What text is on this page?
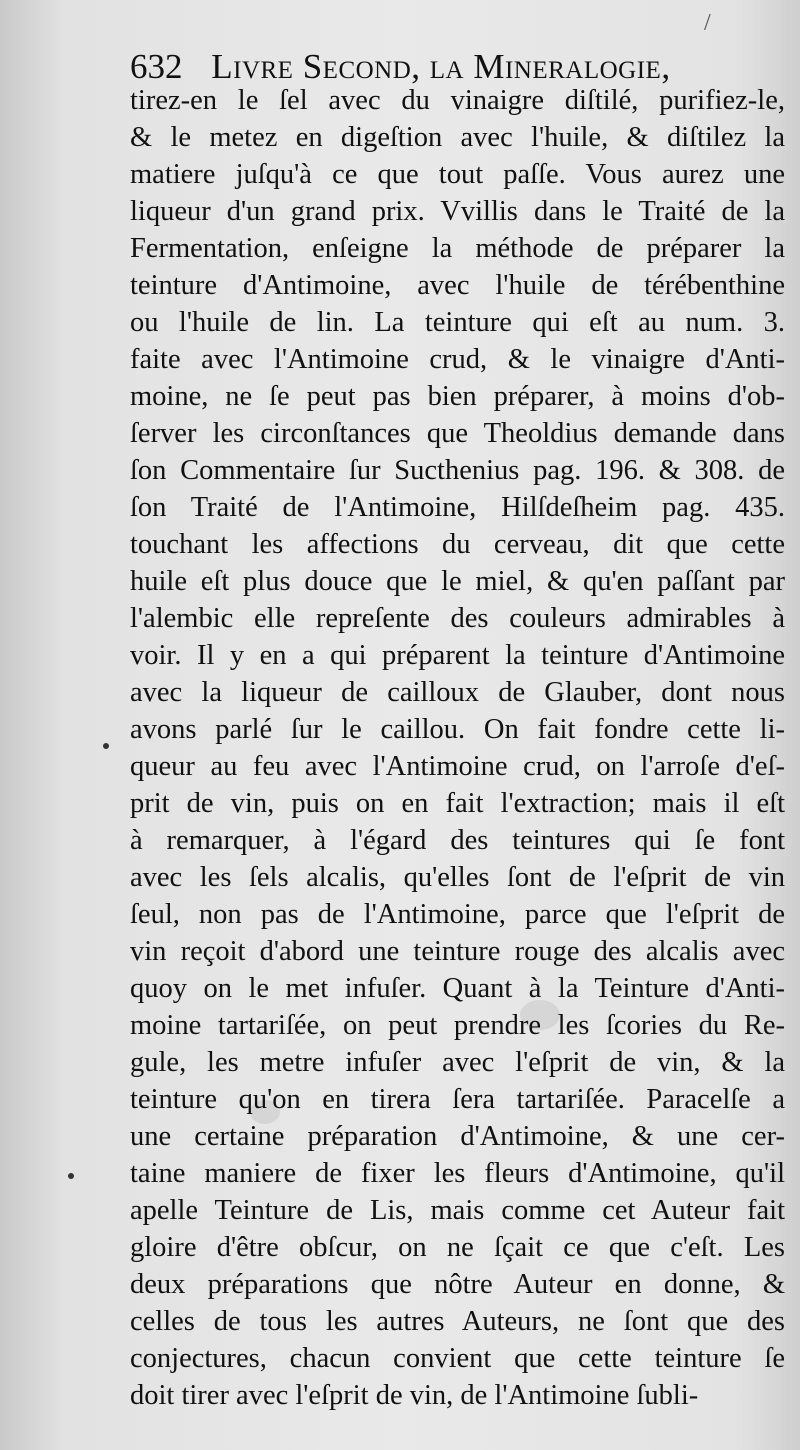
/
632 Livre Second, la Mineralogie,
tirez-en le ſel avec du vinaigre diſtilé, purifiez-le,
& le metez en digeſtion avec l'huile, & diſtilez la
matiere juſqu'à ce que tout paſſe. Vous aurez une
liqueur d'un grand prix. Vvillis dans le Traité de la
Fermentation, enſeigne la méthode de préparer la
teinture d'Antimoine, avec l'huile de térébenthine
ou l'huile de lin. La teinture qui eſt au num. 3.
faite avec l'Antimoine crud, & le vinaigre d'Anti-
moine, ne ſe peut pas bien préparer, à moins d'ob-
ſerver les circonſtances que Theoldius demande dans
ſon Commentaire ſur Sucthenius pag. 196. & 308. de
ſon Traité de l'Antimoine, Hilſdeſheim pag. 435.
touchant les affections du cerveau, dit que cette
huile eſt plus douce que le miel, & qu'en paſſant par
l'alembic elle repreſente des couleurs admirables à
voir. Il y en a qui préparent la teinture d'Antimoine
avec la liqueur de cailloux de Glauber, dont nous
avons parlé ſur le caillou. On fait fondre cette li-
queur au feu avec l'Antimoine crud, on l'arroſe d'eſ-
prit de vin, puis on en fait l'extraction; mais il eſt
à remarquer, à l'égard des teintures qui ſe font
avec les ſels alcalis, qu'elles ſont de l'eſprit de vin
ſeul, non pas de l'Antimoine, parce que l'eſprit de
vin reçoit d'abord une teinture rouge des alcalis avec
quoy on le met infuſer. Quant à la Teinture d'Anti-
moine tartariſée, on peut prendre les ſcories du Re-
gule, les metre infuſer avec l'eſprit de vin, & la
teinture qu'on en tirera ſera tartariſée. Paracelſe a
une certaine préparation d'Antimoine, & une cer-
taine maniere de fixer les fleurs d'Antimoine, qu'il
apelle Teinture de Lis, mais comme cet Auteur fait
gloire d'être obſcur, on ne ſçait ce que c'eſt. Les
deux préparations que nôtre Auteur en donne, &
celles de tous les autres Auteurs, ne ſont que des
conjectures, chacun convient que cette teinture ſe
doit tirer avec l'eſprit de vin, de l'Antimoine ſubli-
